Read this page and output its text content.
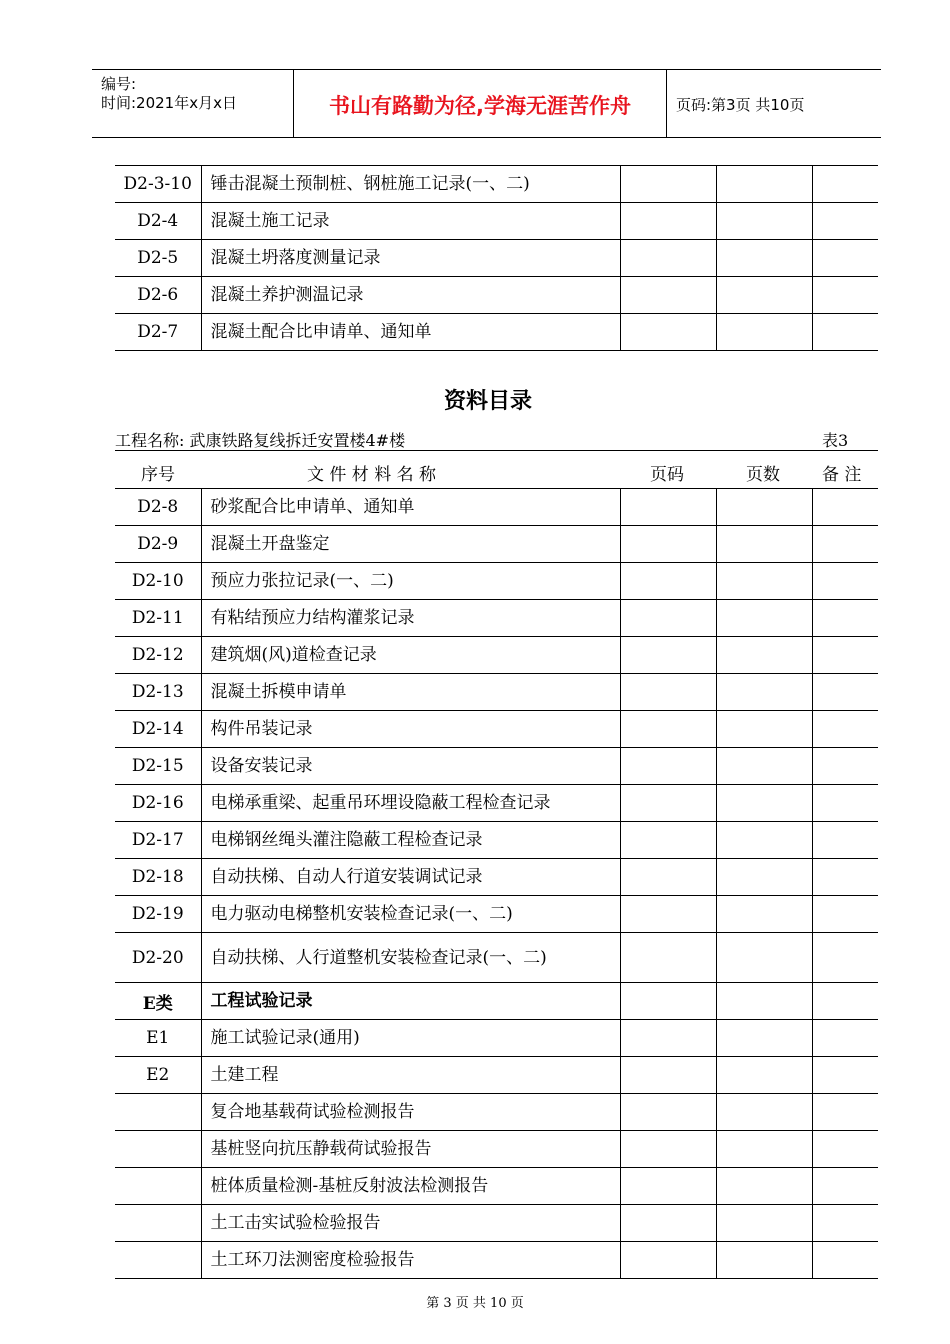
编号:
时间:2021年x月x日	书山有路勤为径,学海无涯苦作舟	页码:第3页 共10页
D2-3-10	锤击混凝土预制桩、钢桩施工记录(一、二)			
D2-4	混凝土施工记录			
D2-5	混凝土坍落度测量记录			
D2-6	混凝土养护测温记录			
D2-7	混凝土配合比申请单、通知单			
资料目录
工程名称: 武康铁路复线拆迁安置楼4#楼	表3
序号	文 件 材 料 名 称	页码	页数 备 注
D2-8	砂浆配合比申请单、通知单			
D2-9	混凝土开盘鉴定			
D2-10	预应力张拉记录(一、二)			
D2-11	有粘结预应力结构灌浆记录			
D2-12	建筑烟(风)道检查记录			
D2-13	混凝土拆模申请单			
D2-14	构件吊装记录			
D2-15	设备安装记录			
D2-16	电梯承重梁、起重吊环埋设隐蔽工程检查记录			
D2-17	电梯钢丝绳头灌注隐蔽工程检查记录			
D2-18	自动扶梯、自动人行道安装调试记录			
D2-19	电力驱动电梯整机安装检查记录(一、二)			
D2-20	自动扶梯、人行道整机安装检查记录(一、二)			
E类	工程试验记录			
E1	施工试验记录(通用)			
E2	土建工程			
	复合地基载荷试验检测报告			
	基桩竖向抗压静载荷试验报告			
	桩体质量检测-基桩反射波法检测报告			
	土工击实试验检验报告			
	土工环刀法测密度检验报告			
第 3 页 共 10 页
